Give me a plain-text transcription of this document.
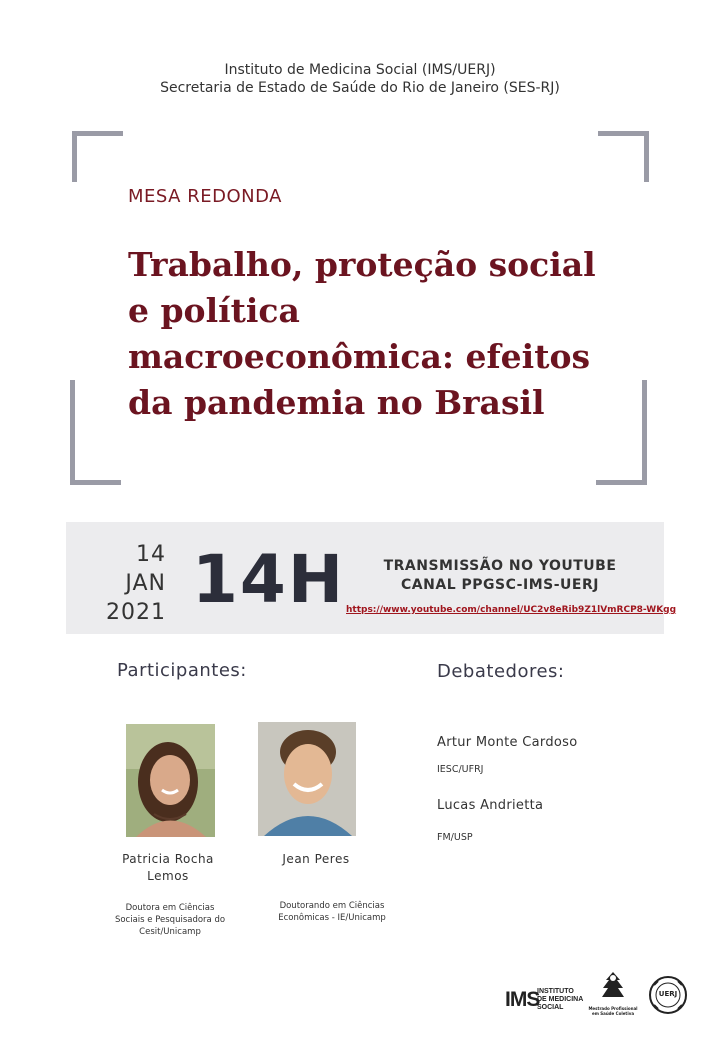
Instituto de Medicina Social (IMS/UERJ)
Secretaria de Estado de Saúde do Rio de Janeiro (SES-RJ)
MESA REDONDA
Trabalho, proteção social
e política
macroeconômica: efeitos
da pandemia no Brasil
14
JAN
2021 14H	TRANSMISSÃO NO YOUTUBE
CANAL PPGSC-IMS-UERJ
https://www.youtube.com/channel/UC2v8eRib9Z1lVmRCP8-WKgg
Participantes:
Patricia Rocha
Lemos
Doutora em Ciências
Sociais e Pesquisadora do
Cesit/Unicamp
Jean Peres
Doutorando em Ciências
Econômicas - IE/Unicamp
Debatedores:
Artur Monte Cardoso
IESC/UFRJ
Lucas Andrietta
FM/USP
IMS
INSTITUTO
DE MEDICINA
SOCIAL	Mestrado Profissional
em Saúde Coletiva
UERJ
